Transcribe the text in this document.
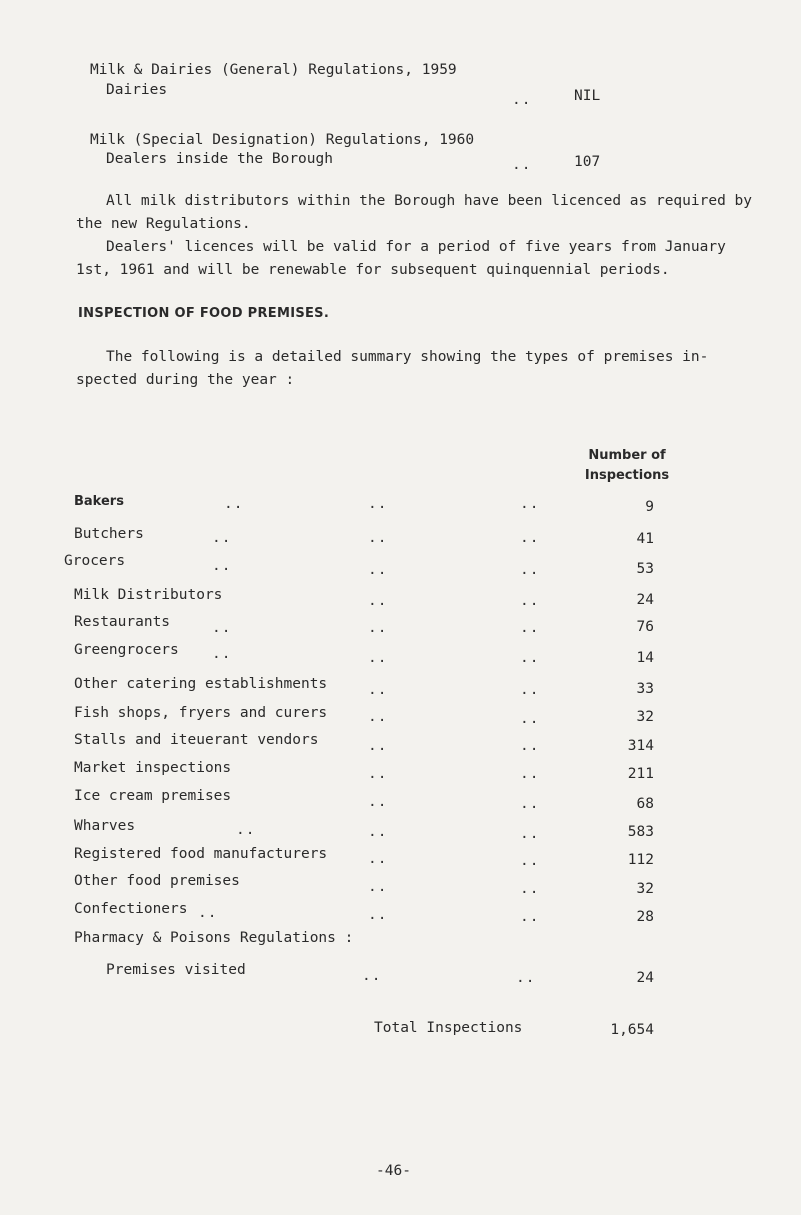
Milk & Dairies (General) Regulations, 1959
Dairies
..	NIL
Milk (Special Designation) Regulations, 1960
Dealers inside the Borough	..	107
All milk distributors within the Borough have been licenced as required by the new Regulations.
Dealers' licences will be valid for a period of five years from January 1st, 1961 and will be renewable for subsequent quinquennial periods.
INSPECTION OF FOOD PREMISES.
The following is a detailed summary showing the types of premises in- spected during the year :
Number of
Inspections
Bakers	..	..	..	9
Butchers	..	..	..	41
Grocers	..	..	..	53
Milk Distributors	..	..	24
Restaurants	..	..	..	76
Greengrocers ..	..	..	14
Other catering establishments	..	..	33
Fish shops, fryers and curers	..	..	32
Stalls and iteuerant vendors	..	..	314
Market inspections	..	..	211
Ice cream premises	..	..	68
Wharves	..	..	..	583
Registered food manufacturers	..	..	112
Other food premises	..	..	32
Confectioners ..	..	..	28
Pharmacy & Poisons Regulations :
Premises visited	..	..	24
Total Inspections	1,654
-46-
